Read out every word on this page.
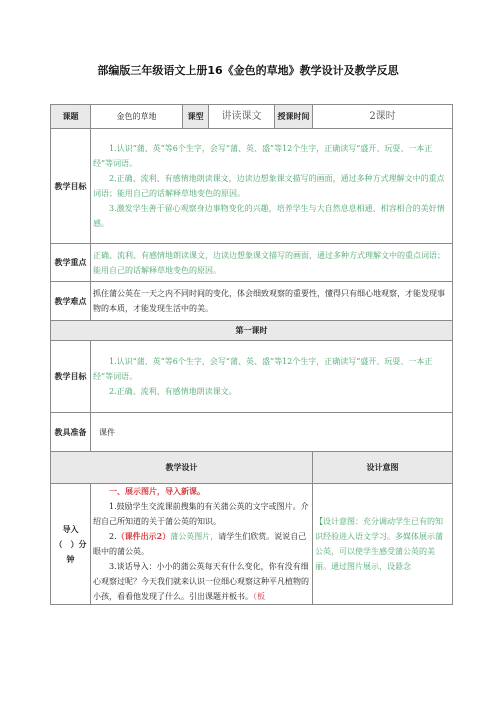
部编版三年级语文上册16《金色的草地》教学设计及教学反思
课题	金色的草地	课型	讲读课文	授课时间	2课时
教学目标	1.认识“蒲、英”等6个生字，会写“蒲、英、盛”等12个生字，正确读写“盛开、玩耍、一本正经”等词语。

2.正确、流利、有感情地朗读课文，边读边想象课文描写的画面，通过多种方式理解文中的重点词语；能用自己的话解释草地变色的原因。

3.激发学生善于留心观察身边事物变化的兴趣，培养学生与大自然息息相通、相容相合的美好情感。				

教学重点	正确、流利、有感情地朗读课文，边读边想象课文描写的画面，通过多种方式理解文中的重点词语；能用自己的话解释草地变色的原因。				
教学难点	抓住蒲公英在一天之内不同时间的变化，体会细致观察的重要性，懂得只有细心地观察，才能发现事物的本质，才能发现生活中的美。				
第一课时					
教学目标	1.认识“蒲、英”等6个生字，会写“蒲、英、盛”等12个生字，正确读写“盛开、玩耍、一本正经”等词语。

2.正确、流利、有感情地朗读课文。				

教具准备	课件				
教学设计					设计意图
导入（　）分钟	一、展示图片，导入新课。

1.鼓励学生交流课前搜集的有关蒲公英的文字或图片。介绍自己所知道的关于蒲公英的知识。

2.（课件出示2）蒲公英图片，请学生们欣赏。说说自己眼中的蒲公英。

3.谈话导入：小小的蒲公英每天有什么变化，你有没有细心观察过呢？今天我们就来认识一位细心观察这种平凡植物的小孩，看看他发现了什么。引出课题并板书。（板				【设计意图：充分调动学生已有的知识经验进入语文学习。多媒体展示蒲公英，可以使学生感受蒲公英的美丽。通过图片展示，设悬念
